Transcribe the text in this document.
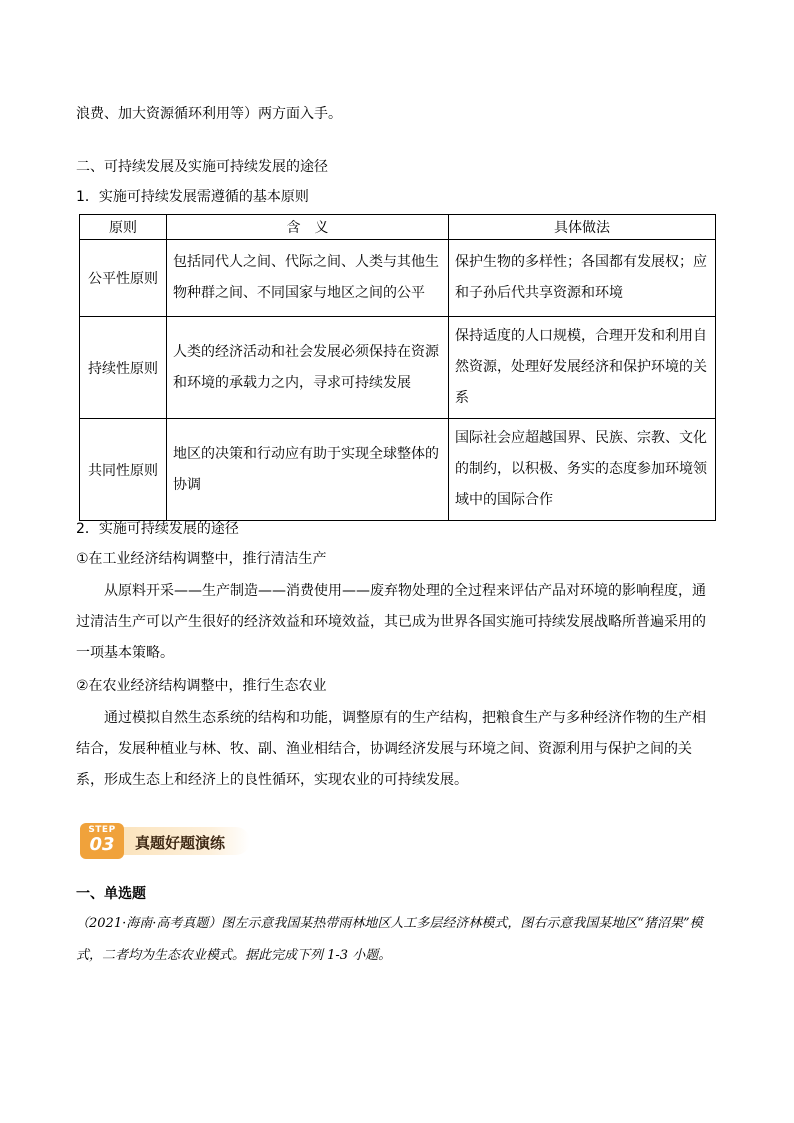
浪费、加大资源循环利用等）两方面入手。
二、可持续发展及实施可持续发展的途径
1．实施可持续发展需遵循的基本原则
原则	含　义	具体做法
公平性原则	包括同代人之间、代际之间、人类与其他生物种群之间、不同国家与地区之间的公平	保护生物的多样性；各国都有发展权；应和子孙后代共享资源和环境
持续性原则	人类的经济活动和社会发展必须保持在资源和环境的承载力之内，寻求可持续发展	保持适度的人口规模，合理开发和利用自然资源，处理好发展经济和保护环境的关系
共同性原则	地区的决策和行动应有助于实现全球整体的协调	国际社会应超越国界、民族、宗教、文化的制约，以积极、务实的态度参加环境领域中的国际合作
2．实施可持续发展的途径
①在工业经济结构调整中，推行清洁生产
从原料开采——生产制造——消费使用——废弃物处理的全过程来评估产品对环境的影响程度，通过清洁生产可以产生很好的经济效益和环境效益，其已成为世界各国实施可持续发展战略所普遍采用的一项基本策略。
②在农业经济结构调整中，推行生态农业
通过模拟自然生态系统的结构和功能，调整原有的生产结构，把粮食生产与多种经济作物的生产相结合，发展种植业与林、牧、副、渔业相结合，协调经济发展与环境之间、资源利用与保护之间的关系，形成生态上和经济上的良性循环，实现农业的可持续发展。
STEP
03	真题好题演练
一、单选题
（2021·海南·高考真题）图左示意我国某热带雨林地区人工多层经济林模式，图右示意我国某地区“猪沼果”模式，二者均为生态农业模式。据此完成下列 1-3 小题。
